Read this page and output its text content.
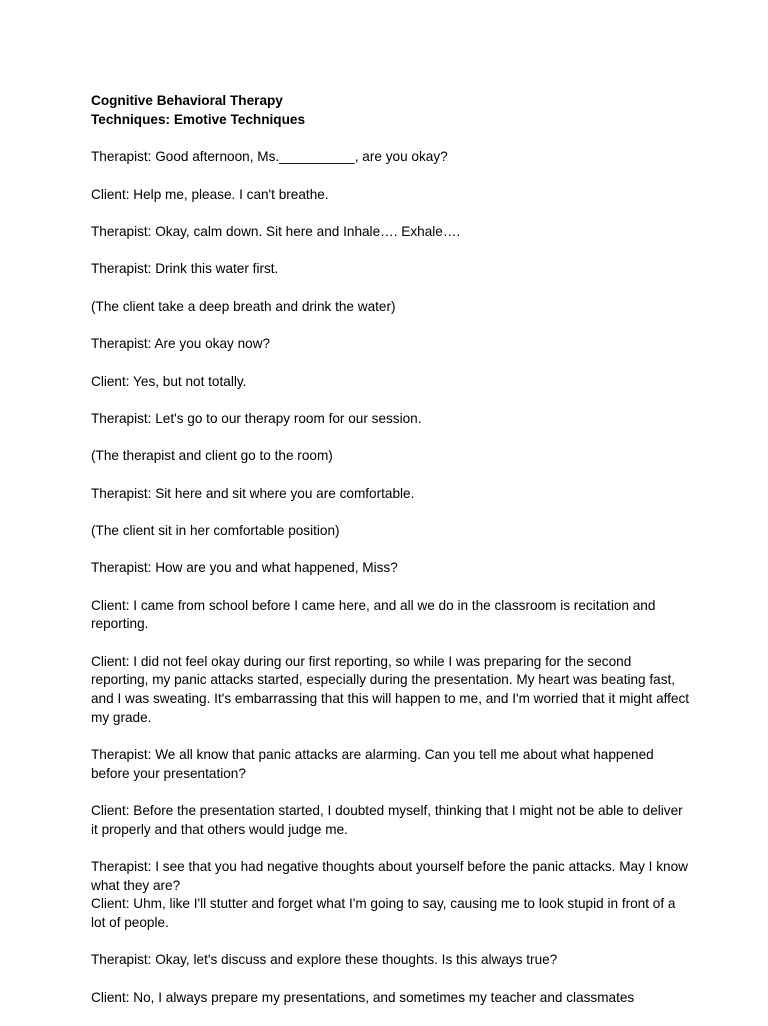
Cognitive Behavioral Therapy

Techniques: Emotive Techniques

Therapist: Good afternoon, Ms.__________, are you okay?

Client: Help me, please. I can't breathe.

Therapist: Okay, calm down. Sit here and Inhale…. Exhale….

Therapist: Drink this water first.

(The client take a deep breath and drink the water)

Therapist: Are you okay now?

Client: Yes, but not totally.

Therapist: Let's go to our therapy room for our session.

(The therapist and client go to the room)

Therapist: Sit here and sit where you are comfortable.

(The client sit in her comfortable position)

Therapist: How are you and what happened, Miss?

Client: I came from school before I came here, and all we do in the classroom is recitation and reporting.

Client: I did not feel okay during our first reporting, so while I was preparing for the second reporting, my panic attacks started, especially during the presentation. My heart was beating fast, and I was sweating. It's embarrassing that this will happen to me, and I'm worried that it might affect my grade.

Therapist: We all know that panic attacks are alarming. Can you tell me about what happened before your presentation?

Client: Before the presentation started, I doubted myself, thinking that I might not be able to deliver it properly and that others would judge me.

Therapist: I see that you had negative thoughts about yourself before the panic attacks. May I know what they are?

Client: Uhm, like I'll stutter and forget what I'm going to say, causing me to look stupid in front of a lot of people.

Therapist: Okay, let's discuss and explore these thoughts. Is this always true?

Client: No, I always prepare my presentations, and sometimes my teacher and classmates
